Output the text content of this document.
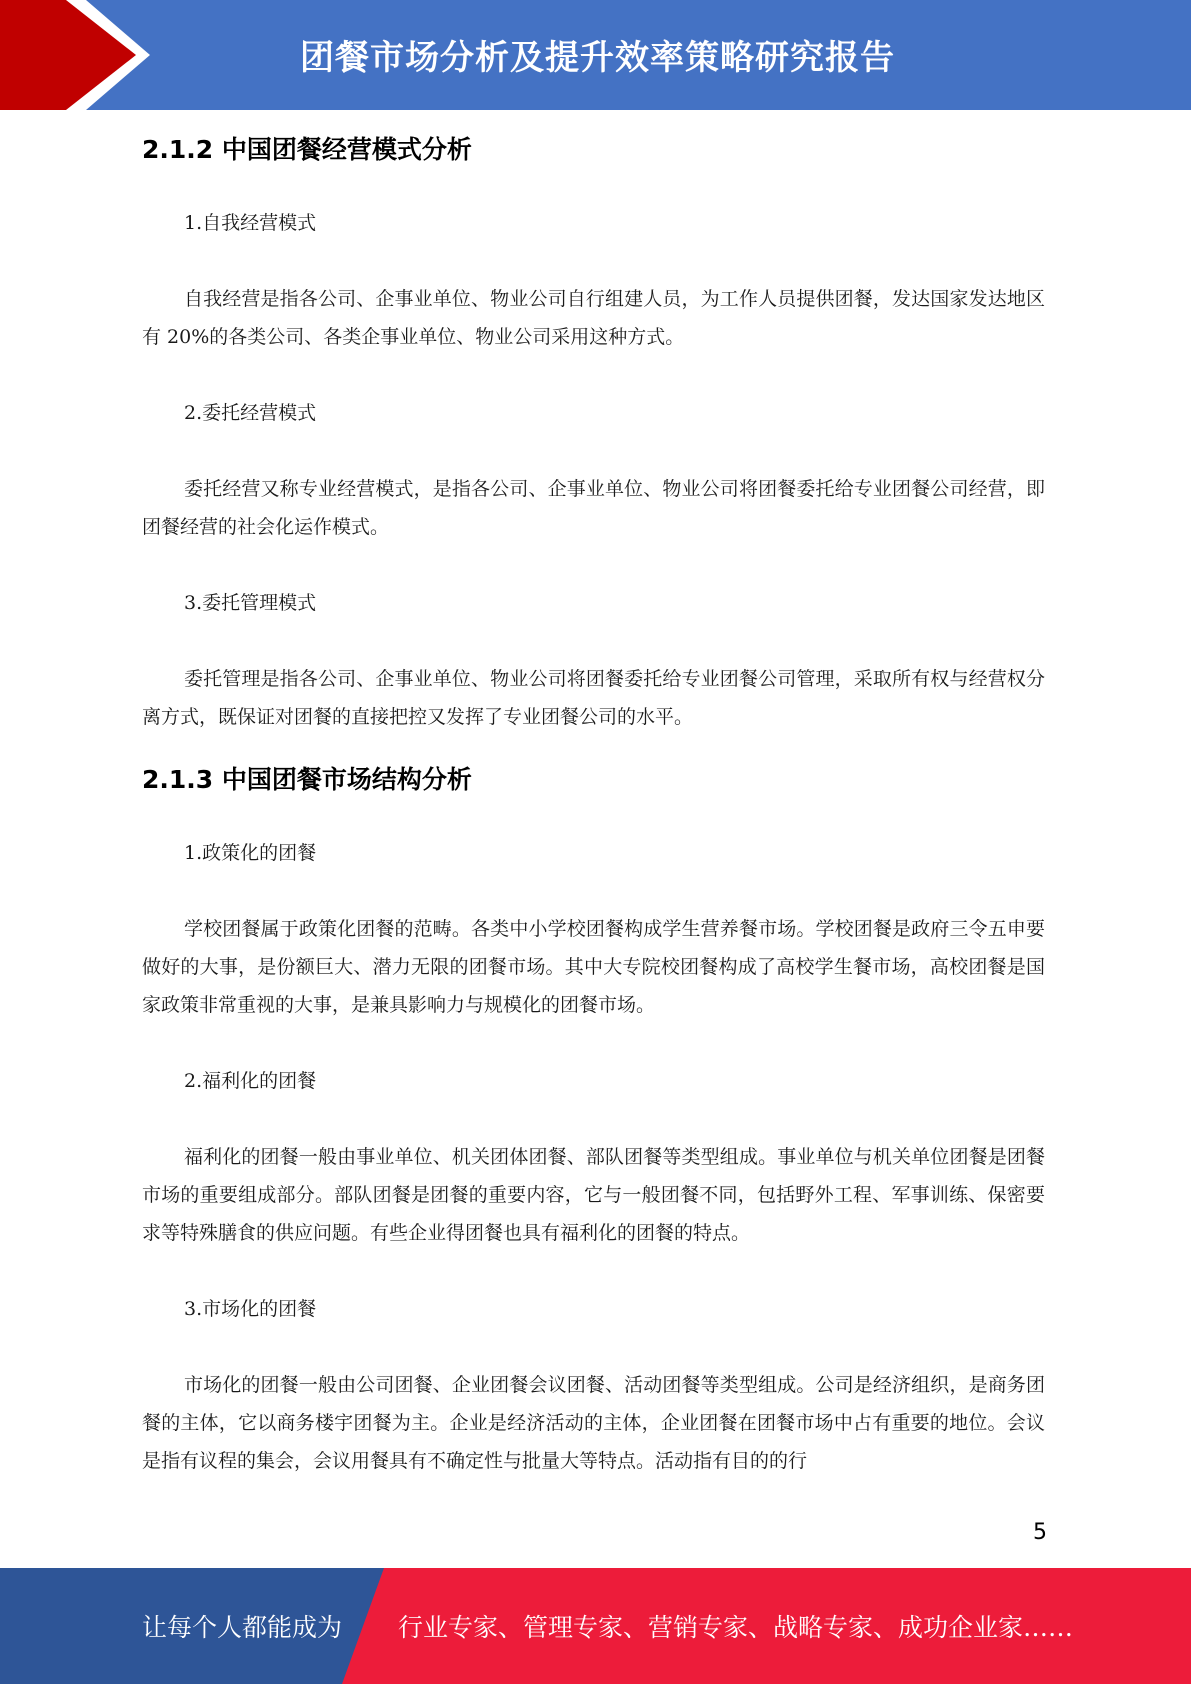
团餐市场分析及提升效率策略研究报告
2.1.2 中国团餐经营模式分析

1.自我经营模式

自我经营是指各公司、企事业单位、物业公司自行组建人员，为工作人员提供团餐，发达国家发达地区有 20%的各类公司、各类企事业单位、物业公司采用这种方式。

2.委托经营模式

委托经营又称专业经营模式，是指各公司、企事业单位、物业公司将团餐委托给专业团餐公司经营，即团餐经营的社会化运作模式。

3.委托管理模式

委托管理是指各公司、企事业单位、物业公司将团餐委托给专业团餐公司管理，采取所有权与经营权分离方式，既保证对团餐的直接把控又发挥了专业团餐公司的水平。

2.1.3 中国团餐市场结构分析

1.政策化的团餐

学校团餐属于政策化团餐的范畴。各类中小学校团餐构成学生营养餐市场。学校团餐是政府三令五申要做好的大事，是份额巨大、潜力无限的团餐市场。其中大专院校团餐构成了高校学生餐市场，高校团餐是国家政策非常重视的大事，是兼具影响力与规模化的团餐市场。

2.福利化的团餐

福利化的团餐一般由事业单位、机关团体团餐、部队团餐等类型组成。事业单位与机关单位团餐是团餐市场的重要组成部分。部队团餐是团餐的重要内容，它与一般团餐不同，包括野外工程、军事训练、保密要求等特殊膳食的供应问题。有些企业得团餐也具有福利化的团餐的特点。

3.市场化的团餐

市场化的团餐一般由公司团餐、企业团餐会议团餐、活动团餐等类型组成。公司是经济组织，是商务团餐的主体，它以商务楼宇团餐为主。企业是经济活动的主体，企业团餐在团餐市场中占有重要的地位。会议是指有议程的集会，会议用餐具有不确定性与批量大等特点。活动指有目的的行

5
让每个人都能成为 行业专家、管理专家、营销专家、战略专家、成功企业家……
